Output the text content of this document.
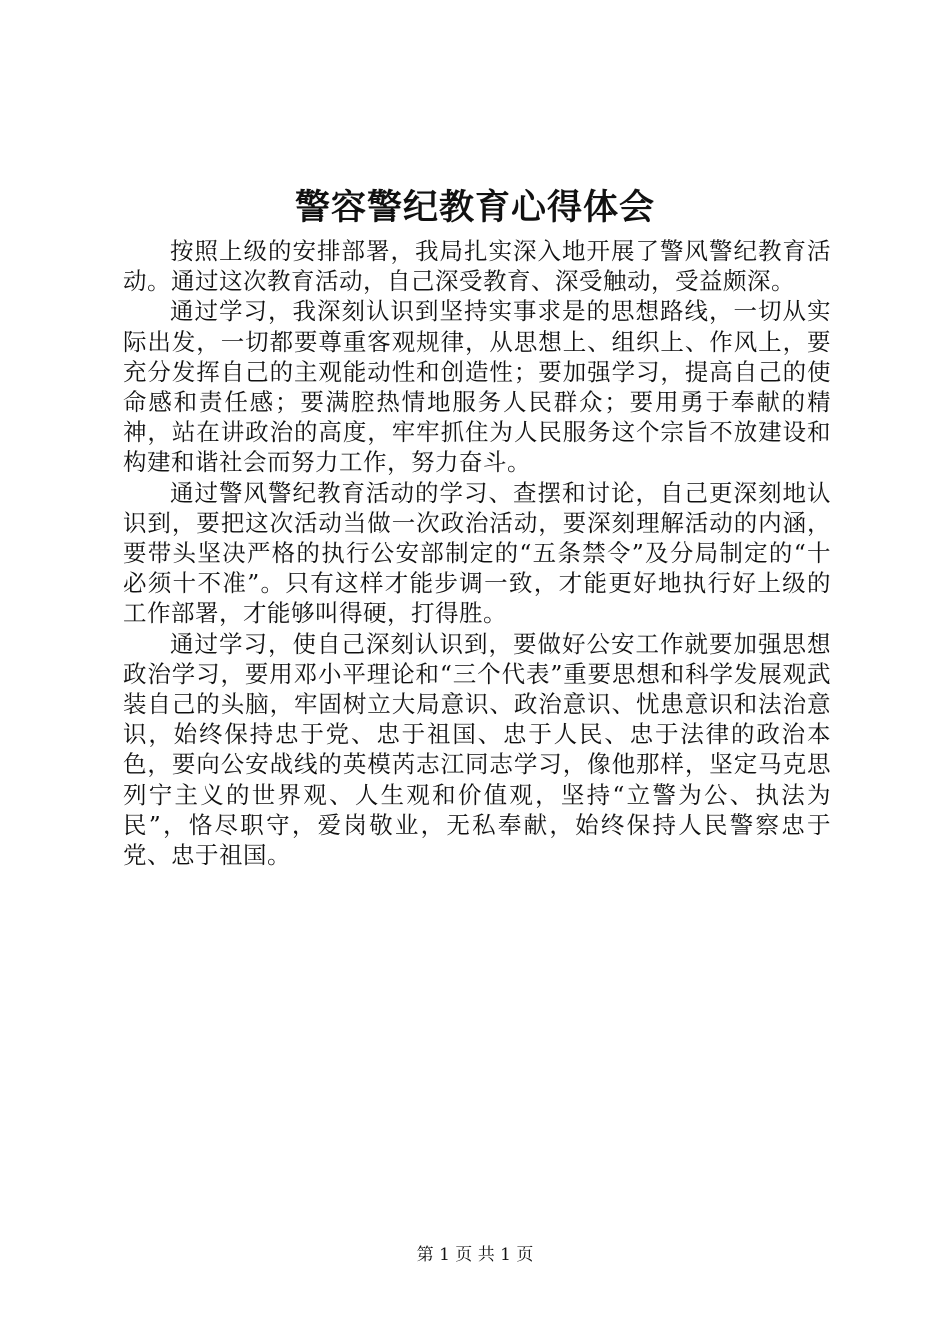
警容警纪教育心得体会

按照上级的安排部署，我局扎实深入地开展了警风警纪教育活动。通过这次教育活动，自己深受教育、深受触动，受益颇深。

通过学习，我深刻认识到坚持实事求是的思想路线，一切从实际出发，一切都要尊重客观规律，从思想上、组织上、作风上，要充分发挥自己的主观能动性和创造性；要加强学习，提高自己的使命感和责任感；要满腔热情地服务人民群众；要用勇于奉献的精神，站在讲政治的高度，牢牢抓住为人民服务这个宗旨不放建设和构建和谐社会而努力工作，努力奋斗。

通过警风警纪教育活动的学习、查摆和讨论，自己更深刻地认识到，要把这次活动当做一次政治活动，要深刻理解活动的内涵，要带头坚决严格的执行公安部制定的“五条禁令”及分局制定的“十必须十不准”。只有这样才能步调一致，才能更好地执行好上级的工作部署，才能够叫得硬，打得胜。

通过学习，使自己深刻认识到，要做好公安工作就要加强思想政治学习，要用邓小平理论和“三个代表”重要思想和科学发展观武装自己的头脑，牢固树立大局意识、政治意识、忧患意识和法治意识，始终保持忠于党、忠于祖国、忠于人民、忠于法律的政治本色，要向公安战线的英模芮志江同志学习，像他那样，坚定马克思列宁主义的世界观、人生观和价值观，坚持“立警为公、执法为民”，恪尽职守，爱岗敬业，无私奉献，始终保持人民警察忠于党、忠于祖国。

第 1 页 共 1 页
